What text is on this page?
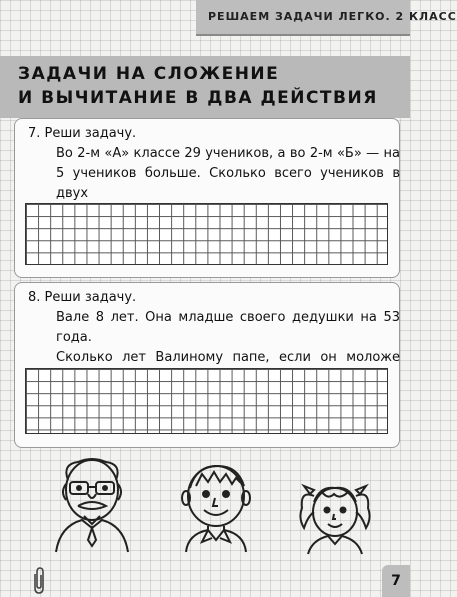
РЕШАЕМ ЗАДАЧИ ЛЕГКО. 2 КЛАСС
ЗАДАЧИ НА СЛОЖЕНИЕ
И ВЫЧИТАНИЕ В ДВА ДЕЙСТВИЯ
7. Реши задачу.
Во 2-м «А» классе 29 учеников, а во 2-м «Б» — на
5 учеников больше. Сколько всего учеников в двух
8. Реши задачу.
Вале 8 лет. Она младше своего дедушки на 53 года.
Сколько лет Валиному папе, если он моложе
7
